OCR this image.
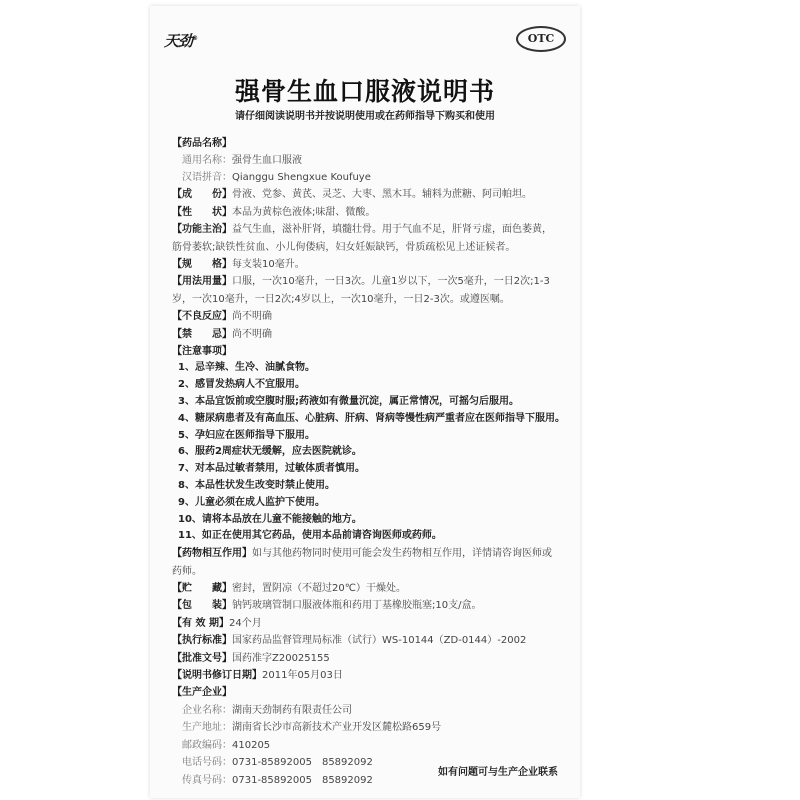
天劲®	OTC
强骨生血口服液说明书
请仔细阅读说明书并按说明使用或在药师指导下购买和使用
【药品名称】
通用名称：强骨生血口服液
汉语拼音：Qianggu Shengxue Koufuye
【成　　份】骨液、党参、黄芪、灵芝、大枣、黑木耳。辅料为蔗糖、阿司帕坦。
【性　　状】本品为黄棕色液体;味甜、微酸。
【功能主治】益气生血，滋补肝肾，填髓壮骨。用于气血不足，肝肾亏虚，面色萎黄，
筋骨萎软;缺铁性贫血、小儿佝偻病，妇女妊娠缺钙，骨质疏松见上述证候者。
【规　　格】每支装10毫升。
【用法用量】口服，一次10毫升，一日3次。儿童1岁以下，一次5毫升，一日2次;1-3
岁，一次10毫升，一日2次;4岁以上，一次10毫升，一日2-3次。或遵医嘱。
【不良反应】尚不明确
【禁　　忌】尚不明确
【注意事项】
1、忌辛辣、生冷、油腻食物。
2、感冒发热病人不宜服用。
3、本品宜饭前或空腹时服;药液如有微量沉淀，属正常情况，可摇匀后服用。
4、糖尿病患者及有高血压、心脏病、肝病、肾病等慢性病严重者应在医师指导下服用。
5、孕妇应在医师指导下服用。
6、服药2周症状无缓解，应去医院就诊。
7、对本品过敏者禁用，过敏体质者慎用。
8、本品性状发生改变时禁止使用。
9、儿童必须在成人监护下使用。
10、请将本品放在儿童不能接触的地方。
11、如正在使用其它药品，使用本品前请咨询医师或药师。
【药物相互作用】如与其他药物同时使用可能会发生药物相互作用，详情请咨询医师或
药师。
【贮　　藏】密封，置阴凉（不超过20℃）干燥处。
【包　　装】钠钙玻璃管制口服液体瓶和药用丁基橡胶瓶塞;10支/盒。
【有 效 期】24个月
【执行标准】国家药品监督管理局标准（试行）WS-10144（ZD-0144）-2002
【批准文号】国药准字Z20025155
【说明书修订日期】2011年05月03日
【生产企业】
企业名称：湖南天劲制药有限责任公司
生产地址：湖南省长沙市高新技术产业开发区麓松路659号
邮政编码：410205
电话号码：0731-85892005　85892092
传真号码：0731-85892005　85892092
如有问题可与生产企业联系
